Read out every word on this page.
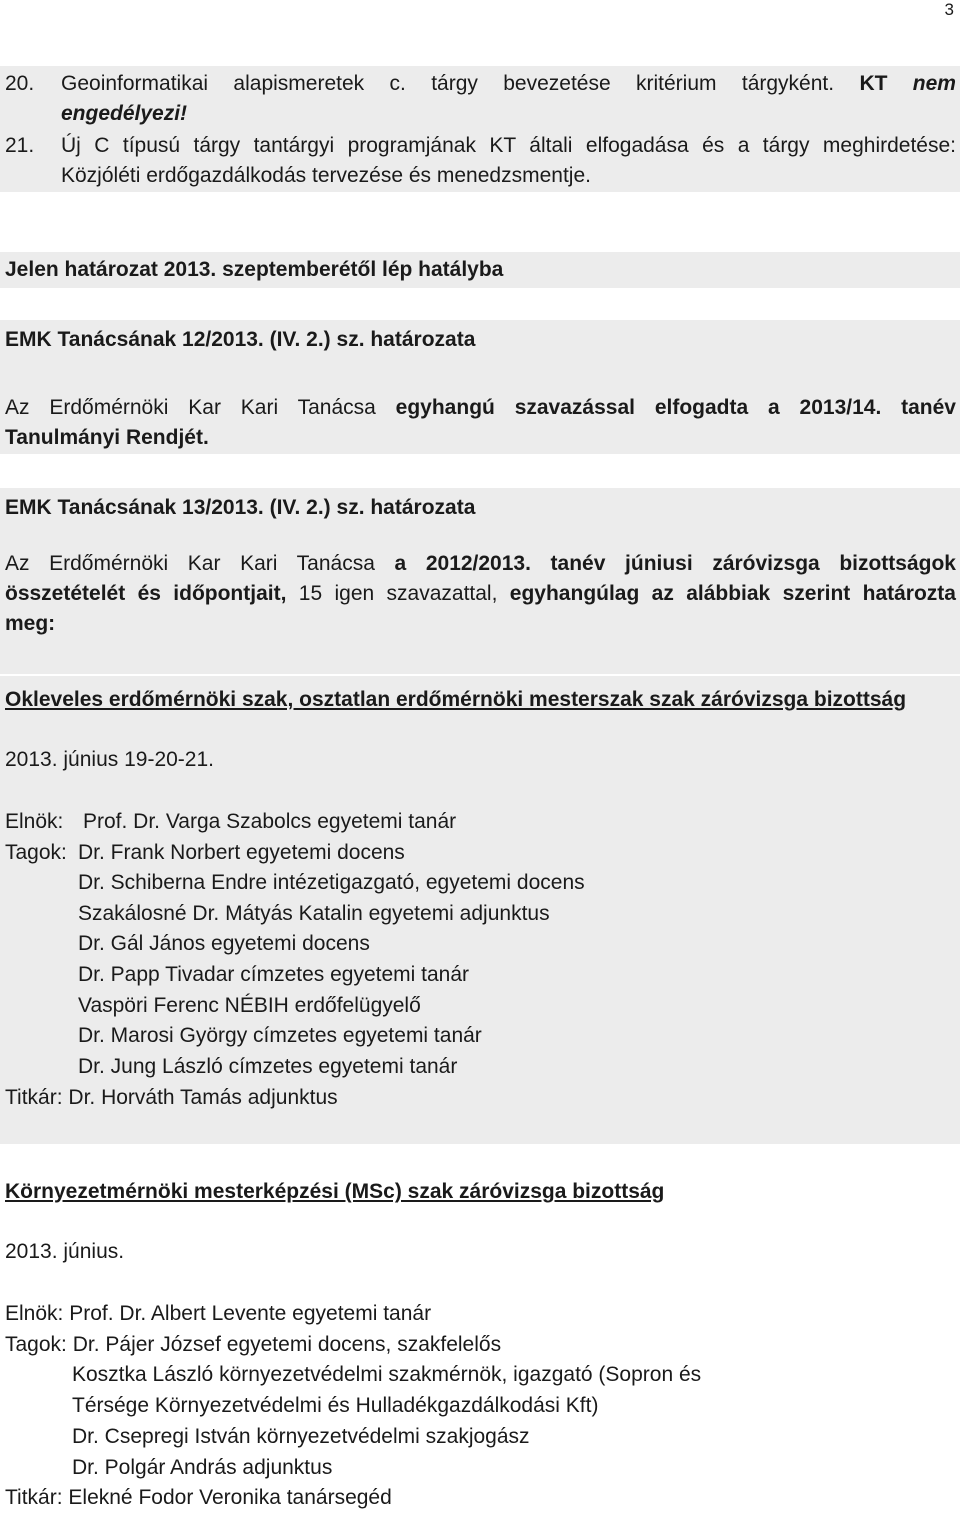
3
20. Geoinformatikai alapismeretek c. tárgy bevezetése kritérium tárgyként. KT nem
engedélyezi!
21. Új C típusú tárgy tantárgyi programjának KT általi elfogadása és a tárgy meghirdetése:
Közjóléti erdőgazdálkodás tervezése és menedzsmentje.
Jelen határozat 2013. szeptemberétől lép hatályba
EMK Tanácsának 12/2013. (IV. 2.) sz. határozata
Az Erdőmérnöki Kar Kari Tanácsa egyhangú szavazással elfogadta a 2013/14. tanév
Tanulmányi Rendjét.
EMK Tanácsának 13/2013. (IV. 2.) sz. határozata
Az Erdőmérnöki Kar Kari Tanácsa a 2012/2013. tanév júniusi záróvizsga bizottságok
összetételét és időpontjait, 15 igen szavazattal, egyhangúlag az alábbiak szerint határozta
meg:
Okleveles erdőmérnöki szak, osztatlan erdőmérnöki mesterszak szak záróvizsga bizottság
2013. június 19-20-21.
Elnök: Prof. Dr. Varga Szabolcs egyetemi tanár
Tagok: Dr. Frank Norbert egyetemi docens
Dr. Schiberna Endre intézetigazgató, egyetemi docens
Szakálosné Dr. Mátyás Katalin egyetemi adjunktus
Dr. Gál János egyetemi docens
Dr. Papp Tivadar címzetes egyetemi tanár
Vaspöri Ferenc NÉBIH erdőfelügyelő
Dr. Marosi György címzetes egyetemi tanár
Dr. Jung László címzetes egyetemi tanár
Titkár: Dr. Horváth Tamás adjunktus
Környezetmérnöki mesterképzési (MSc) szak záróvizsga bizottság
2013. június.
Elnök: Prof. Dr. Albert Levente egyetemi tanár
Tagok: Dr. Pájer József egyetemi docens, szakfelelős
Kosztka László környezetvédelmi szakmérnök, igazgató (Sopron és
Térsége Környezetvédelmi és Hulladékgazdálkodási Kft)
Dr. Csepregi István környezetvédelmi szakjogász
Dr. Polgár András adjunktus
Titkár: Elekné Fodor Veronika tanársegéd
